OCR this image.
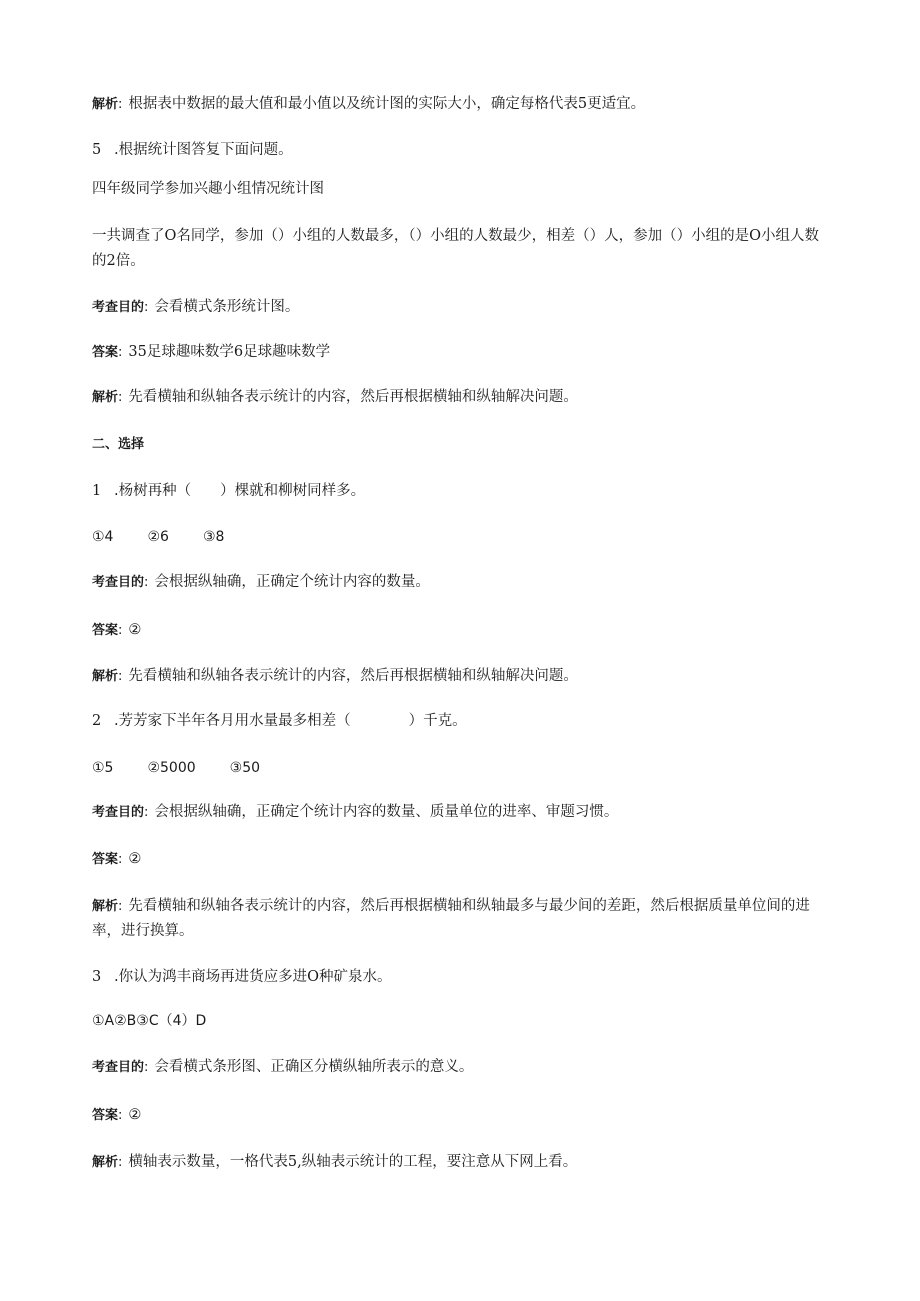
解析: 根据表中数据的最大值和最小值以及统计图的实际大小，确定每格代表5更适宜。
5 .根据统计图答复下面问题。
四年级同学参加兴趣小组情况统计图
一共调查了O名同学，参加（）小组的人数最多，（）小组的人数最少，相差（）人，参加（）小组的是O小组人数的2倍。
考查目的: 会看横式条形统计图。
答案: 35足球趣味数学6足球趣味数学
解析: 先看横轴和纵轴各表示统计的内容，然后再根据横轴和纵轴解决问题。
二、选择
1 .杨树再种（　　）棵就和柳树同样多。
①4 ②6 ③8
考查目的: 会根据纵轴确，正确定个统计内容的数量。
答案: ②
解析: 先看横轴和纵轴各表示统计的内容，然后再根据横轴和纵轴解决问题。
2 .芳芳家下半年各月用水量最多相差（　　　　）千克。
①5 ②5000 ③50
考查目的: 会根据纵轴确，正确定个统计内容的数量、质量单位的进率、审题习惯。
答案: ②
解析: 先看横轴和纵轴各表示统计的内容，然后再根据横轴和纵轴最多与最少间的差距，然后根据质量单位间的进率，进行换算。
3 .你认为鸿丰商场再进货应多进O种矿泉水。
①A②B③C（4）D
考查目的: 会看横式条形图、正确区分横纵轴所表示的意义。
答案: ②
解析: 横轴表示数量，一格代表5,纵轴表示统计的工程，要注意从下网上看。
